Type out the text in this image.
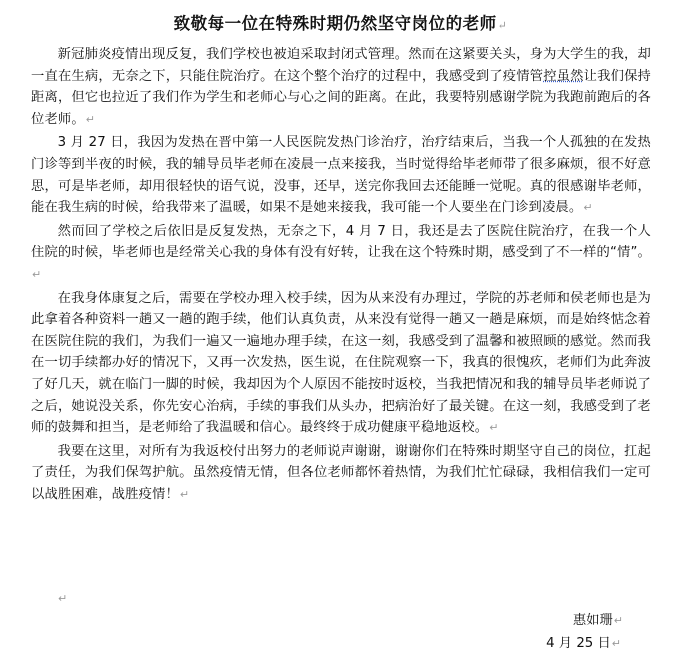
致敬每一位在特殊时期仍然坚守岗位的老师↵

新冠肺炎疫情出现反复，我们学校也被迫采取封闭式管理。然而在这紧要关头，身为大学生的我，却一直在生病，无奈之下，只能住院治疗。在这个整个治疗的过程中，我感受到了疫情管控虽然让我们保持距离，但它也拉近了我们作为学生和老师心与心之间的距离。在此，我要特别感谢学院为我跑前跑后的各位老师。↵

3 月 27 日，我因为发热在晋中第一人民医院发热门诊治疗，治疗结束后，当我一个人孤独的在发热门诊等到半夜的时候，我的辅导员毕老师在凌晨一点来接我，当时觉得给毕老师带了很多麻烦，很不好意思，可是毕老师，却用很轻快的语气说，没事，还早，送完你我回去还能睡一觉呢。真的很感谢毕老师，能在我生病的时候，给我带来了温暖，如果不是她来接我，我可能一个人要坐在门诊到凌晨。↵

然而回了学校之后依旧是反复发热，无奈之下，4 月 7 日，我还是去了医院住院治疗，在我一个人住院的时候，毕老师也是经常关心我的身体有没有好转，让我在这个特殊时期，感受到了不一样的“情”。↵

在我身体康复之后，需要在学校办理入校手续，因为从来没有办理过，学院的苏老师和侯老师也是为此拿着各种资料一趟又一趟的跑手续，他们认真负责，从来没有觉得一趟又一趟是麻烦，而是始终惦念着在医院住院的我们，为我们一遍又一遍地办理手续，在这一刻，我感受到了温馨和被照顾的感觉。然而我在一切手续都办好的情况下，又再一次发热，医生说，在住院观察一下，我真的很愧疚，老师们为此奔波了好几天，就在临门一脚的时候，我却因为个人原因不能按时返校，当我把情况和我的辅导员毕老师说了之后，她说没关系，你先安心治病，手续的事我们从头办，把病治好了最关键。在这一刻，我感受到了老师的鼓舞和担当，是老师给了我温暖和信心。最终终于成功健康平稳地返校。↵

我要在这里，对所有为我返校付出努力的老师说声谢谢，谢谢你们在特殊时期坚守自己的岗位，扛起了责任，为我们保驾护航。虽然疫情无情，但各位老师都怀着热情，为我们忙忙碌碌，我相信我们一定可以战胜困难，战胜疫情！↵

↵
惠如珊↵
4 月 25 日↵
